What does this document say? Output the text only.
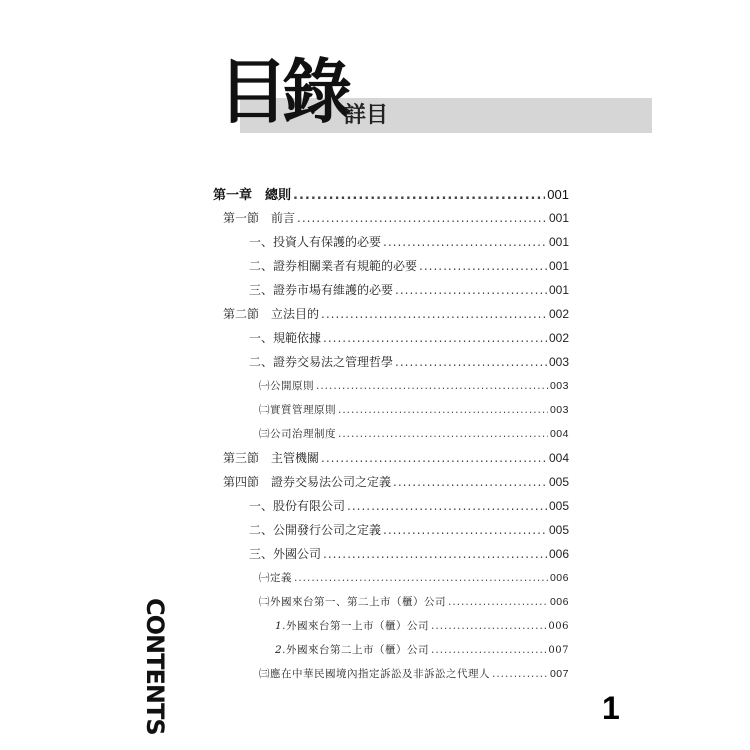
目錄
詳目
第一章　總則 .....	001
第一節　前言 .....	001
一、投資人有保護的必要 .....	001
二、證券相關業者有規範的必要 .....	001
三、證券市場有維護的必要 .....	001
第二節　立法目的 .....	002
一、規範依據 .....	002
二、證券交易法之管理哲學 .....	003
㈠公開原則 .....	003
㈡實質管理原則 .....	003
㈢公司治理制度 .....	004
第三節　主管機關 .....	004
第四節　證券交易法公司之定義 .....	005
一、股份有限公司 .....	005
二、公開發行公司之定義 .....	005
三、外國公司 .....	006
㈠定義 .....	006
㈡外國來台第一、第二上市（櫃）公司 .....	006
1.外國來台第一上市（櫃）公司 .....	006
2.外國來台第二上市（櫃）公司 .....	007
㈢應在中華民國境內指定訴訟及非訴訟之代理人 .....	007
CONTENTS	1
